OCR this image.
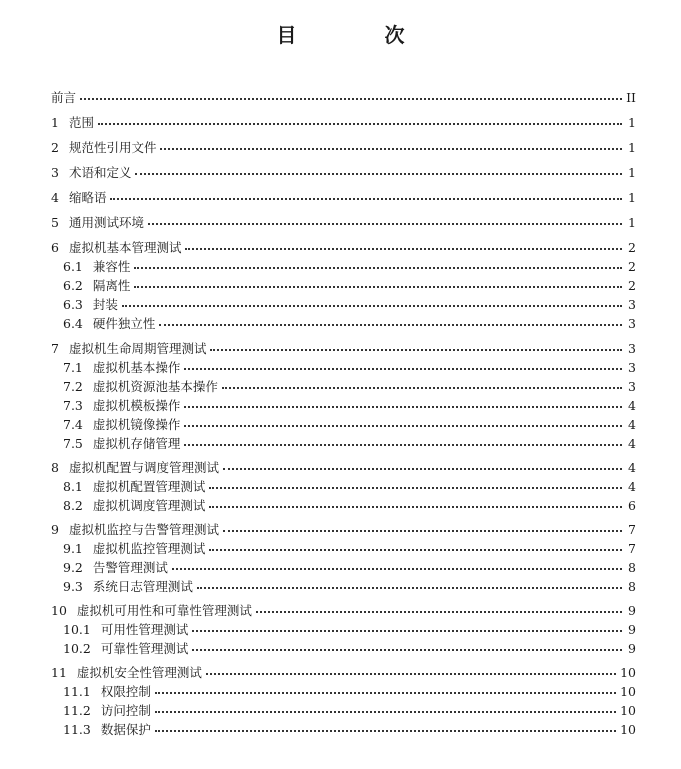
目　次
前言	II
1 范围	1
2 规范性引用文件	1
3 术语和定义	1
4 缩略语	1
5 通用测试环境	1
6 虚拟机基本管理测试	2
6.1 兼容性	2
6.2 隔离性	2
6.3 封装	3
6.4 硬件独立性	3
7 虚拟机生命周期管理测试	3
7.1 虚拟机基本操作	3
7.2 虚拟机资源池基本操作	3
7.3 虚拟机模板操作	4
7.4 虚拟机镜像操作	4
7.5 虚拟机存储管理	4
8 虚拟机配置与调度管理测试	4
8.1 虚拟机配置管理测试	4
8.2 虚拟机调度管理测试	6
9 虚拟机监控与告警管理测试	7
9.1 虚拟机监控管理测试	7
9.2 告警管理测试	8
9.3 系统日志管理测试	8
10 虚拟机可用性和可靠性管理测试	9
10.1 可用性管理测试	9
10.2 可靠性管理测试	9
11 虚拟机安全性管理测试	10
11.1 权限控制	10
11.2 访问控制	10
11.3 数据保护	10
